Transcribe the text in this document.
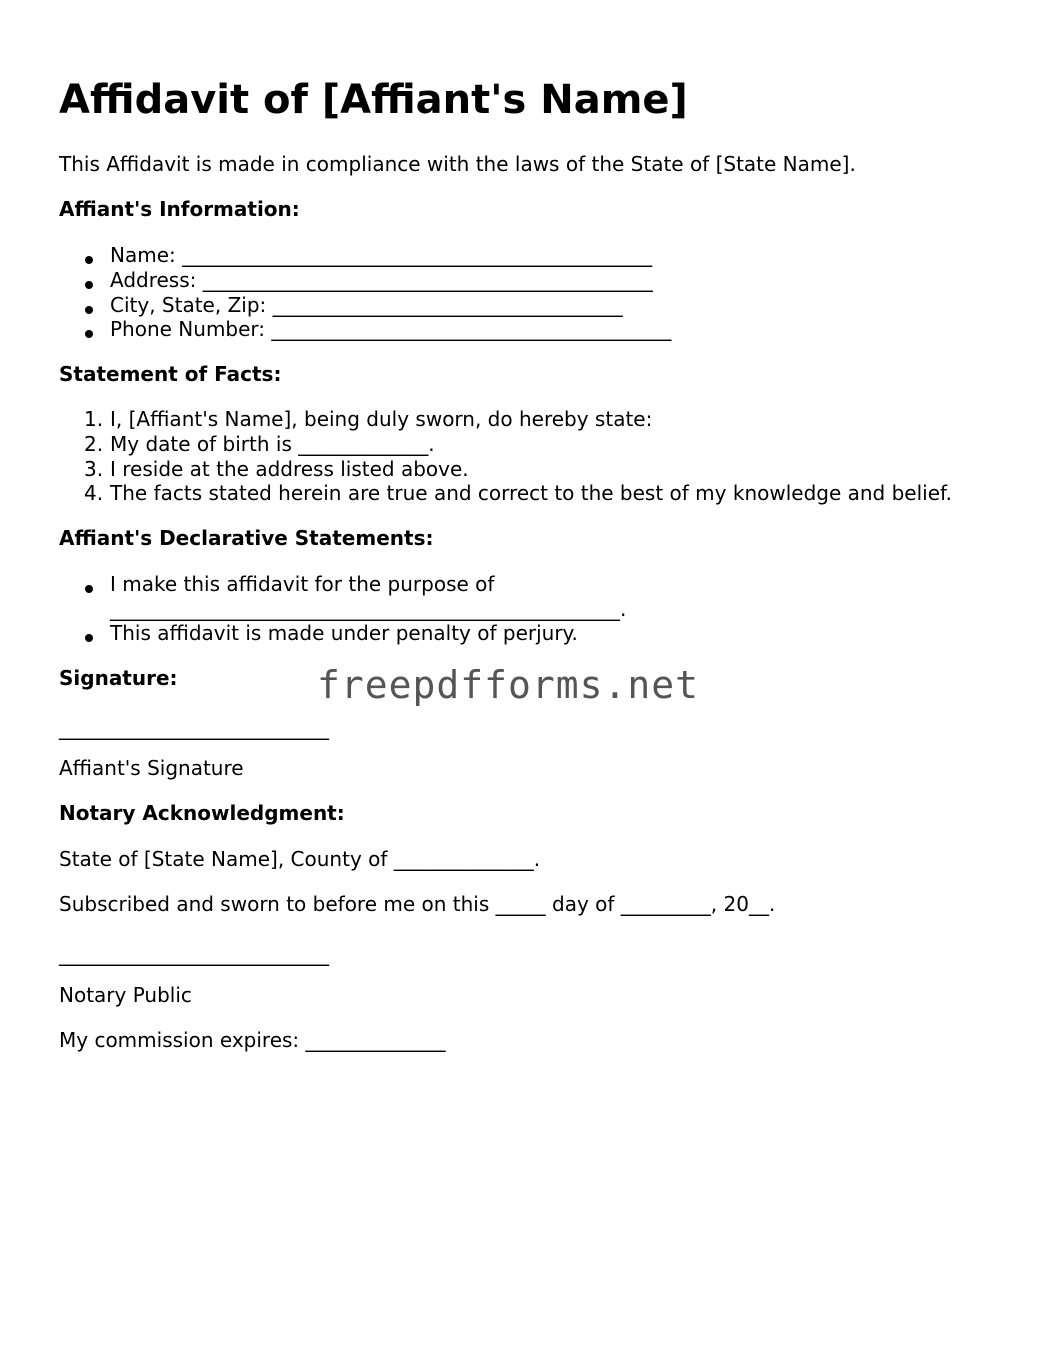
Affidavit of [Affiant's Name]

This Affidavit is made in compliance with the laws of the State of [State Name].

Affiant's Information:

Name: _______________________________________________
Address: _____________________________________________
City, State, Zip: ___________________________________
Phone Number: ________________________________________

Statement of Facts:

1. I, [Affiant's Name], being duly sworn, do hereby state:
2. My date of birth is _____________.
3. I reside at the address listed above.
4. The facts stated herein are true and correct to the best of my knowledge and belief.

Affiant's Declarative Statements:

I make this affidavit for the purpose of
___________________________________________________.
This affidavit is made under penalty of perjury.

Signature:

___________________________

Affiant's Signature

Notary Acknowledgment:

State of [State Name], County of ______________.

Subscribed and sworn to before me on this _____ day of _________, 20__.

___________________________

Notary Public

My commission expires: ______________

freepdfforms.net
